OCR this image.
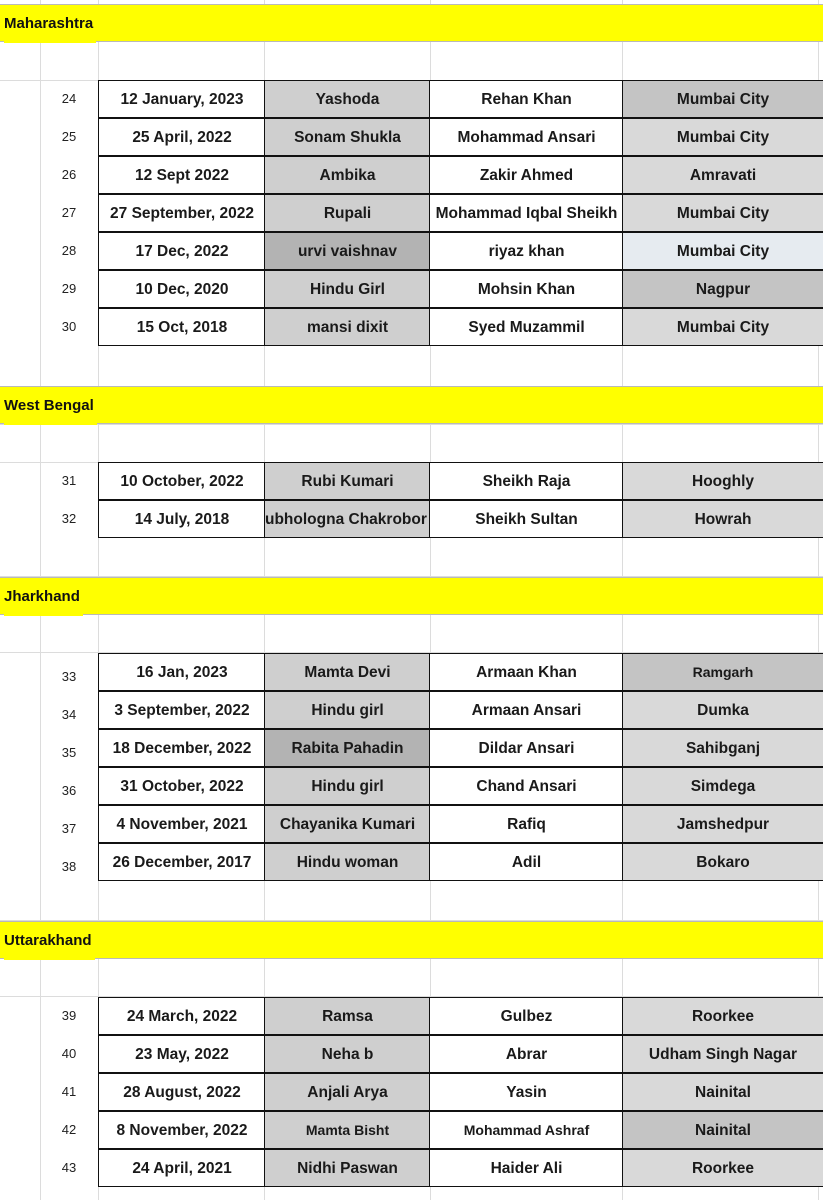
Maharashtra
24	12 January, 2023	Yashoda	Rehan Khan	Mumbai City
25	25 April, 2022	Sonam Shukla	Mohammad Ansari	Mumbai City
26	12 Sept 2022	Ambika	Zakir Ahmed	Amravati
27	27 September, 2022	Rupali	Mohammad Iqbal Sheikh	Mumbai City
28	17 Dec, 2022	urvi vaishnav	riyaz khan	Mumbai City
29	10 Dec, 2020	Hindu Girl	Mohsin Khan	Nagpur
30	15 Oct, 2018	mansi dixit	Syed Muzammil	Mumbai City
West Bengal
31	10 October, 2022	Rubi Kumari	Sheikh Raja	Hooghly
32	14 July, 2018	ubhologna Chakrobor	Sheikh Sultan	Howrah
Jharkhand
33	16 Jan, 2023	Mamta Devi	Armaan Khan	Ramgarh
34	3 September, 2022	Hindu girl	Armaan Ansari	Dumka
35	18 December, 2022	Rabita Pahadin	Dildar Ansari	Sahibganj
36	31 October, 2022	Hindu girl	Chand Ansari	Simdega
37	4 November, 2021	Chayanika Kumari	Rafiq	Jamshedpur
38	26 December, 2017	Hindu woman	Adil	Bokaro
Uttarakhand
39	24 March, 2022	Ramsa	Gulbez	Roorkee
40	23 May, 2022	Neha b	Abrar	Udham Singh Nagar
41	28 August, 2022	Anjali Arya	Yasin	Nainital
42	8 November, 2022	Mamta Bisht	Mohammad Ashraf	Nainital
43	24 April, 2021	Nidhi Paswan	Haider Ali	Roorkee
